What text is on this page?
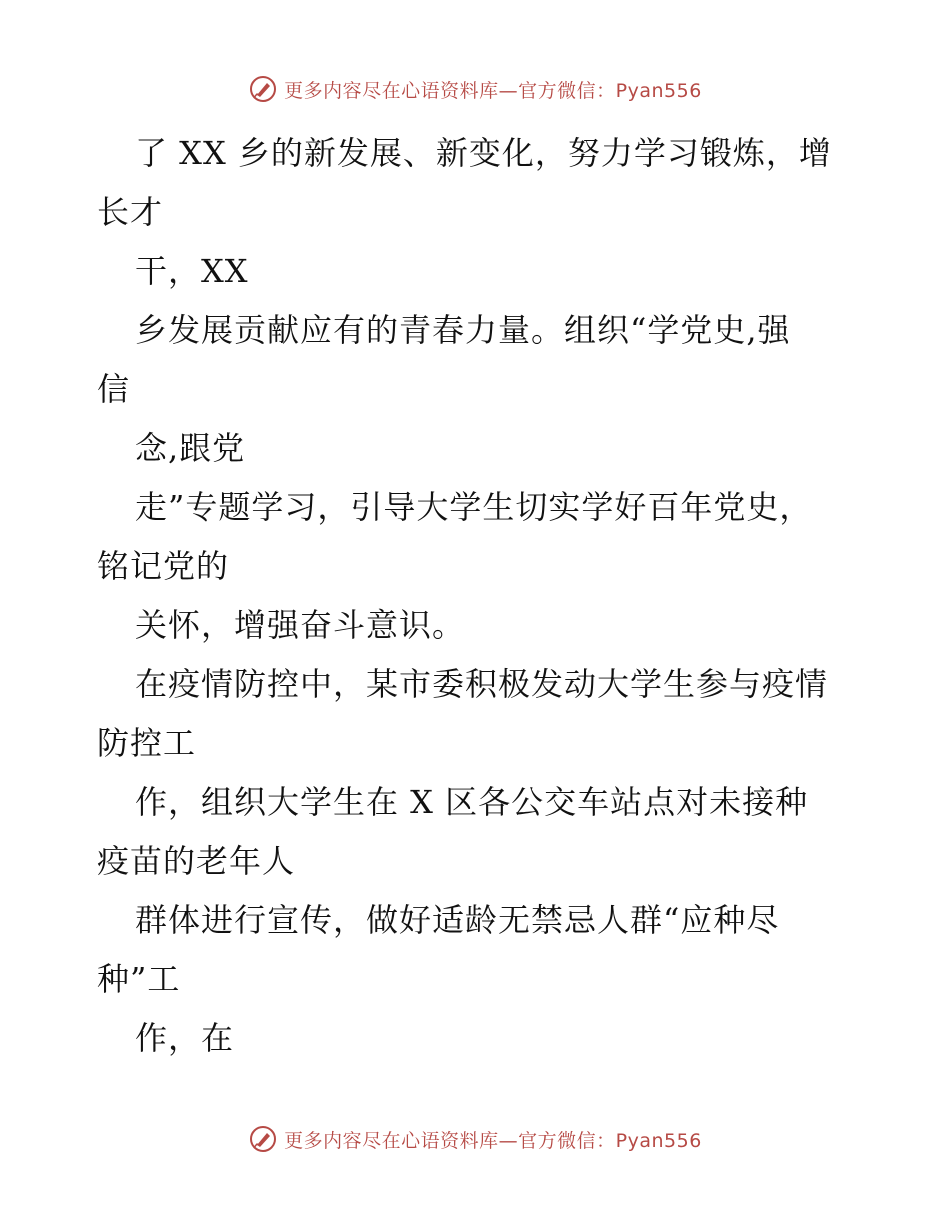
更多内容尽在心语资料库—官方微信：Pyan556
了 XX 乡的新发展、新变化，努力学习锻炼，增
长才
干，XX
乡发展贡献应有的青春力量。组织“学党史,强
信
念,跟党
走”专题学习，引导大学生切实学好百年党史，
铭记党的
关怀，增强奋斗意识。
在疫情防控中，某市委积极发动大学生参与疫情
防控工
作，组织大学生在 X 区各公交车站点对未接种
疫苗的老年人
群体进行宣传，做好适龄无禁忌人群“应种尽
种”工
作，在
更多内容尽在心语资料库—官方微信：Pyan556
